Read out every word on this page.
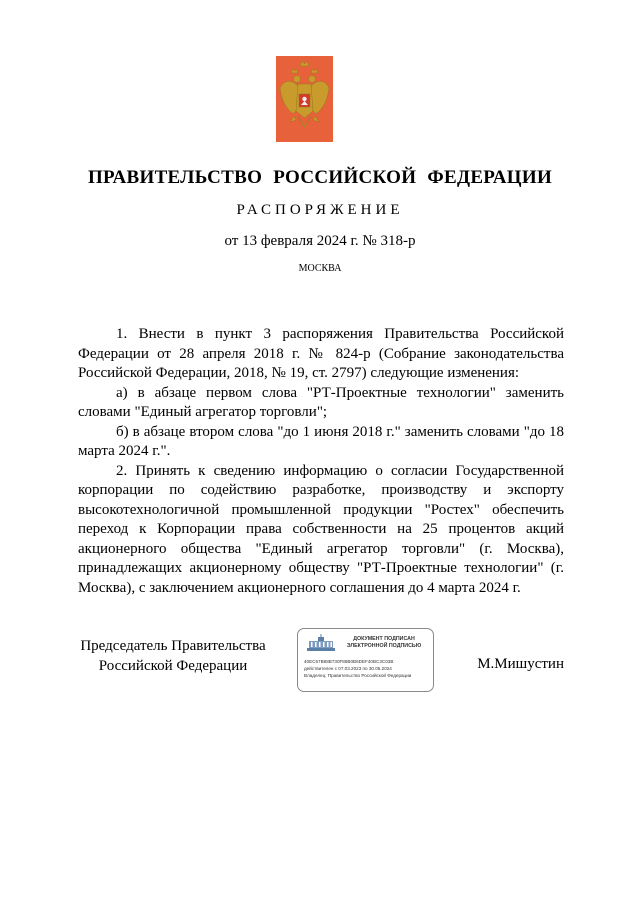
ПРАВИТЕЛЬСТВО РОССИЙСКОЙ ФЕДЕРАЦИИ
РАСПОРЯЖЕНИЕ
от 13 февраля 2024 г. № 318-р
МОСКВА

1. Внести в пункт 3 распоряжения Правительства Российской Федерации от 28 апреля 2018 г. № 824-р (Собрание законодательства Российской Федерации, 2018, № 19, ст. 2797) следующие изменения:

а) в абзаце первом слова "РТ-Проектные технологии" заменить словами "Единый агрегатор торговли";

б) в абзаце втором слова "до 1 июня 2018 г." заменить словами "до 18 марта 2024 г.".

2. Принять к сведению информацию о согласии Государственной корпорации по содействию разработке, производству и экспорту высокотехнологичной промышленной продукции "Ростех" обеспечить переход к Корпорации права собственности на 25 процентов акций акционерного общества "Единый агрегатор торговли" (г. Москва), принадлежащих акционерному обществу "РТ-Проектные технологии" (г. Москва), с заключением акционерного соглашения до 4 марта 2024 г.

Председатель Правительства
Российской Федерации
ДОКУМЕНТ ПОДПИСАН ЭЛЕКТРОННОЙ ПОДПИСЬЮ
40EC57B88B730F88B0B6DEF40BC3C03B
действителен с 07.03.2023 по 30.05.2024
Владелец: Правительство Российской Федерации
М.Мишустин
